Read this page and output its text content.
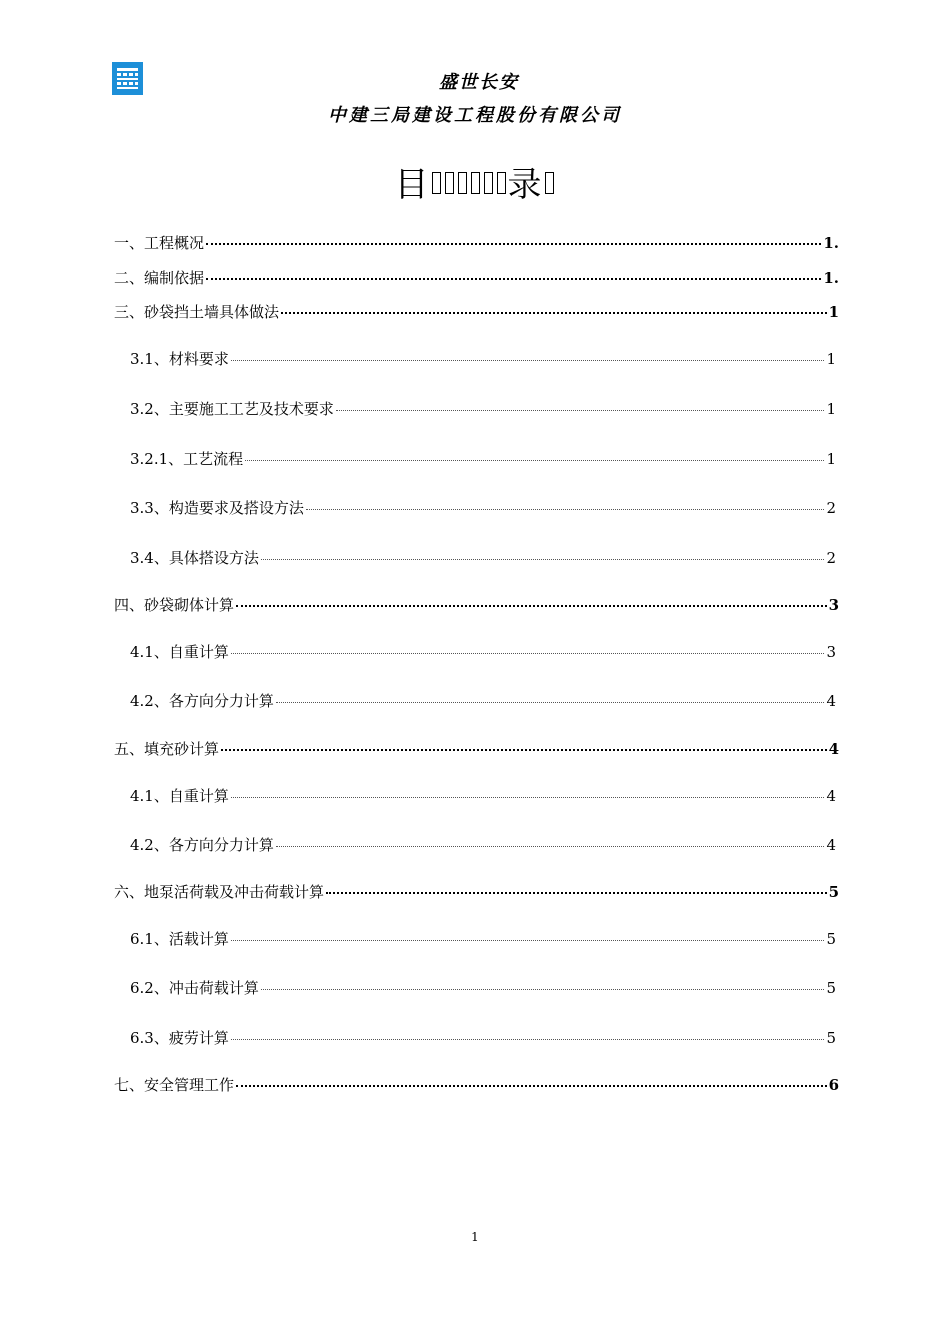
盛世长安
中建三局建设工程股份有限公司
目 录
一、工程概况	1.
二、编制依据	1.
三、砂袋挡土墙具体做法	1
3.1、材料要求	1
3.2、主要施工工艺及技术要求	1
3.2.1、工艺流程	1
3.3、构造要求及搭设方法	2
3.4、具体搭设方法	2
四、砂袋砌体计算	3
4.1、自重计算	3
4.2、各方向分力计算	4
五、填充砂计算	4
4.1、自重计算	4
4.2、各方向分力计算	4
六、地泵活荷载及冲击荷载计算	5
6.1、活载计算	5
6.2、冲击荷载计算	5
6.3、疲劳计算	5
七、安全管理工作	6
1
